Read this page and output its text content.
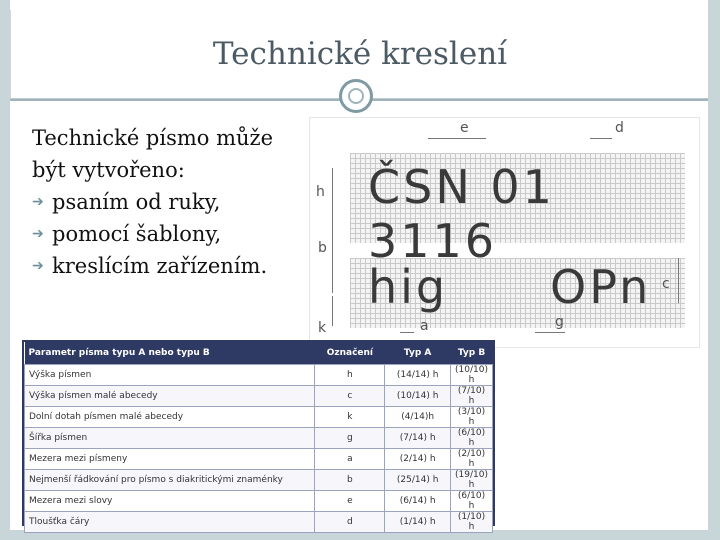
Technické kreslení
Technické písmo může
být vytvořeno:
➔ psaním od ruky,
➔ pomocí šablony,
➔ kreslícím zařízením.
ČSN 01 3116
hig OPn
e	d
h
b
k	a	g
c
Parametr písma typu A nebo typu B	Označení	Typ A	Typ B
Výška písmen	h	(14/14) h	(10/10) h
Výška písmen malé abecedy	c	(10/14) h	(7/10) h
Dolní dotah písmen malé abecedy	k	(4/14)h	(3/10) h
Šířka písmen	g	(7/14) h	(6/10) h
Mezera mezi písmeny	a	(2/14) h	(2/10) h
Nejmenší řádkování pro písmo s diakritickými znaménky	b	(25/14) h	(19/10) h
Mezera mezi slovy	e	(6/14) h	(6/10) h
Tloušťka čáry	d	(1/14) h	(1/10) h
